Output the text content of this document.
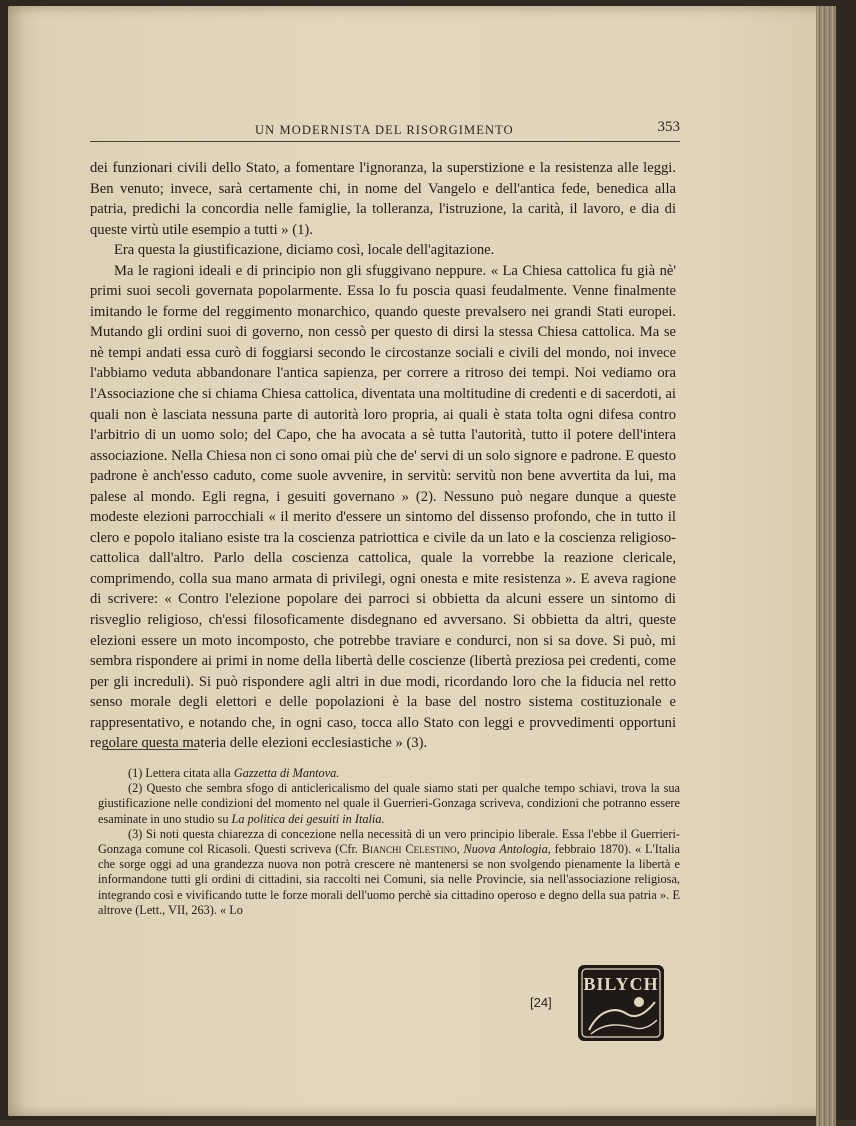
UN MODERNISTA DEL RISORGIMENTO	353

dei funzionari civili dello Stato, a fomentare l'ignoranza, la superstizione e la resistenza alle leggi. Ben venuto; invece, sarà certamente chi, in nome del Vangelo e dell'antica fede, benedica alla patria, predichi la concordia nelle famiglie, la tolleranza, l'istruzione, la carità, il lavoro, e dia di queste virtù utile esempio a tutti » (1).

Era questa la giustificazione, diciamo così, locale dell'agitazione.

Ma le ragioni ideali e di principio non gli sfuggivano neppure. « La Chiesa cattolica fu già nè' primi suoi secoli governata popolarmente. Essa lo fu poscia quasi feudalmente. Venne finalmente imitando le forme del reggimento monarchico, quando queste prevalsero nei grandi Stati europei. Mutando gli ordini suoi di governo, non cessò per questo di dirsi la stessa Chiesa cattolica. Ma se nè tempi andati essa curò di foggiarsi secondo le circostanze sociali e civili del mondo, noi invece l'abbiamo veduta abbandonare l'antica sapienza, per correre a ritroso dei tempi. Noi vediamo ora l'Associazione che si chiama Chiesa cattolica, diventata una moltitudine di credenti e di sacerdoti, ai quali non è lasciata nessuna parte di autorità loro propria, ai quali è stata tolta ogni difesa contro l'arbitrio di un uomo solo; del Capo, che ha avocata a sè tutta l'autorità, tutto il potere dell'intera associazione. Nella Chiesa non ci sono omai più che de' servi di un solo signore e padrone. E questo padrone è anch'esso caduto, come suole avvenire, in servitù: servitù non bene avvertita da lui, ma palese al mondo. Egli regna, i gesuiti governano » (2). Nessuno può negare dunque a queste modeste elezioni parrocchiali « il merito d'essere un sintomo del dissenso profondo, che in tutto il clero e popolo italiano esiste tra la coscienza patriottica e civile da un lato e la coscienza religioso-cattolica dall'altro. Parlo della coscienza cattolica, quale la vorrebbe la reazione clericale, comprimendo, colla sua mano armata di privilegi, ogni onesta e mite resistenza ». E aveva ragione di scrivere: « Contro l'elezione popolare dei parroci si obbietta da alcuni essere un sintomo di risveglio religioso, ch'essi filosoficamente disdegnano ed avversano. Si obbietta da altri, queste elezioni essere un moto incomposto, che potrebbe traviare e condurci, non si sa dove. Si può, mi sembra rispondere ai primi in nome della libertà delle coscienze (libertà preziosa pei credenti, come per gli increduli). Si può rispondere agli altri in due modi, ricordando loro che la fiducia nel retto senso morale degli elettori e delle popolazioni è la base del nostro sistema costituzionale e rappresentativo, e notando che, in ogni caso, tocca allo Stato con leggi e provvedimenti opportuni regolare questa materia delle elezioni ecclesiastiche » (3).

(1) Lettera citata alla Gazzetta di Mantova.

(2) Questo che sembra sfogo di anticlericalismo del quale siamo stati per qualche tempo schiavi, trova la sua giustificazione nelle condizioni del momento nel quale il Guerrieri-Gonzaga scriveva, condizioni che potranno essere esaminate in uno studio su La politica dei gesuiti in Italia.

(3) Si noti questa chiarezza di concezione nella necessità di un vero principio liberale. Essa l'ebbe il Guerrieri-Gonzaga comune col Ricasoli. Questi scriveva (Cfr. Bianchi Celestino, Nuova Antologia, febbraio 1870). « L'Italia che sorge oggi ad una grandezza nuova non potrà crescere nè mantenersi se non svolgendo pienamente la libertà e informandone tutti gli ordini di cittadini, sia raccolti nei Comuni, sia nelle Provincie, sia nell'associazione religiosa, integrando così e vivificando tutte le forze morali dell'uomo perchè sia cittadino operoso e degno della sua patria ». E altrove (Lett., VII, 263). « Lo

[24]
BILYCH
